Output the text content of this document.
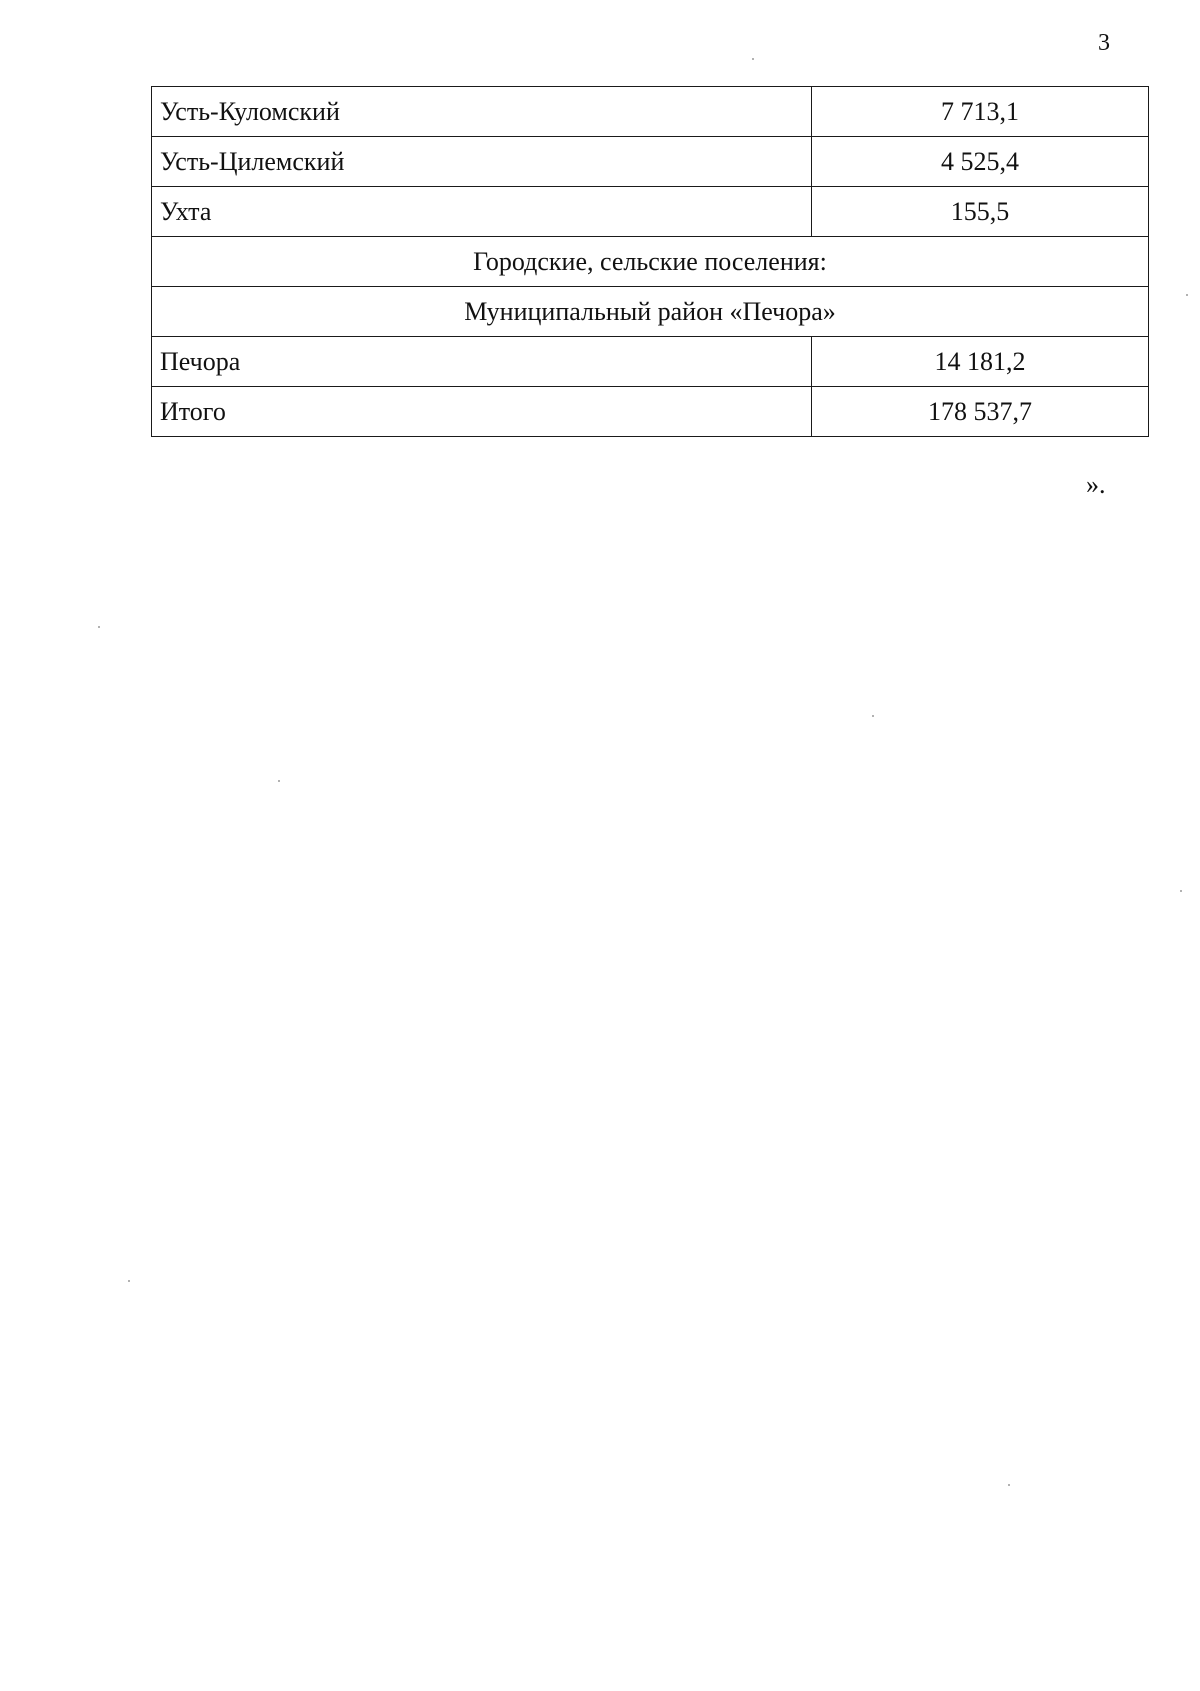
3
Усть-Куломский	7 713,1
Усть-Цилемский	4 525,4
Ухта	155,5
Городские, сельские поселения:	
Муниципальный район «Печора»	
Печора	14 181,2
Итого	178 537,7
».
